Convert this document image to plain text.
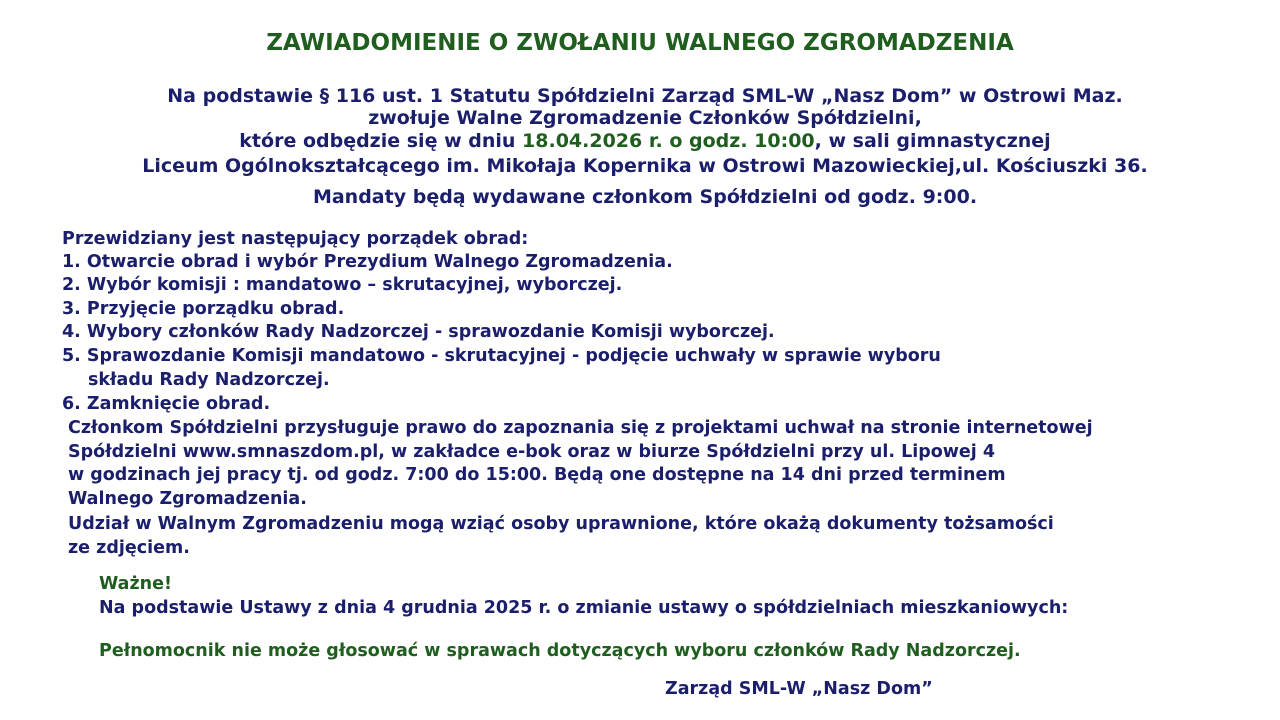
ZAWIADOMIENIE O ZWOŁANIU WALNEGO ZGROMADZENIA
Na podstawie § 116 ust. 1 Statutu Spółdzielni Zarząd SML-W „Nasz Dom” w Ostrowi Maz.
zwołuje Walne Zgromadzenie Członków Spółdzielni,
które odbędzie się w dniu 18.04.2026 r. o godz. 10:00, w sali gimnastycznej
Liceum Ogólnokształcącego im. Mikołaja Kopernika w Ostrowi Mazowieckiej,ul. Kościuszki 36.
Mandaty będą wydawane członkom Spółdzielni od godz. 9:00.
Przewidziany jest następujący porządek obrad:
1. Otwarcie obrad i wybór Prezydium Walnego Zgromadzenia.
2. Wybór komisji : mandatowo – skrutacyjnej, wyborczej.
3. Przyjęcie porządku obrad.
4. Wybory członków Rady Nadzorczej - sprawozdanie Komisji wyborczej.
5. Sprawozdanie Komisji mandatowo - skrutacyjnej - podjęcie uchwały w sprawie wyboru
składu Rady Nadzorczej.
6. Zamknięcie obrad.
Członkom Spółdzielni przysługuje prawo do zapoznania się z projektami uchwał na stronie internetowej
Spółdzielni www.smnaszdom.pl, w zakładce e-bok oraz w biurze Spółdzielni przy ul. Lipowej 4
w godzinach jej pracy tj. od godz. 7:00 do 15:00. Będą one dostępne na 14 dni przed terminem
Walnego Zgromadzenia.
Udział w Walnym Zgromadzeniu mogą wziąć osoby uprawnione, które okażą dokumenty tożsamości
ze zdjęciem.
Ważne!
Na podstawie Ustawy z dnia 4 grudnia 2025 r. o zmianie ustawy o spółdzielniach mieszkaniowych:
Pełnomocnik nie może głosować w sprawach dotyczących wyboru członków Rady Nadzorczej.
Zarząd SML-W „Nasz Dom”
